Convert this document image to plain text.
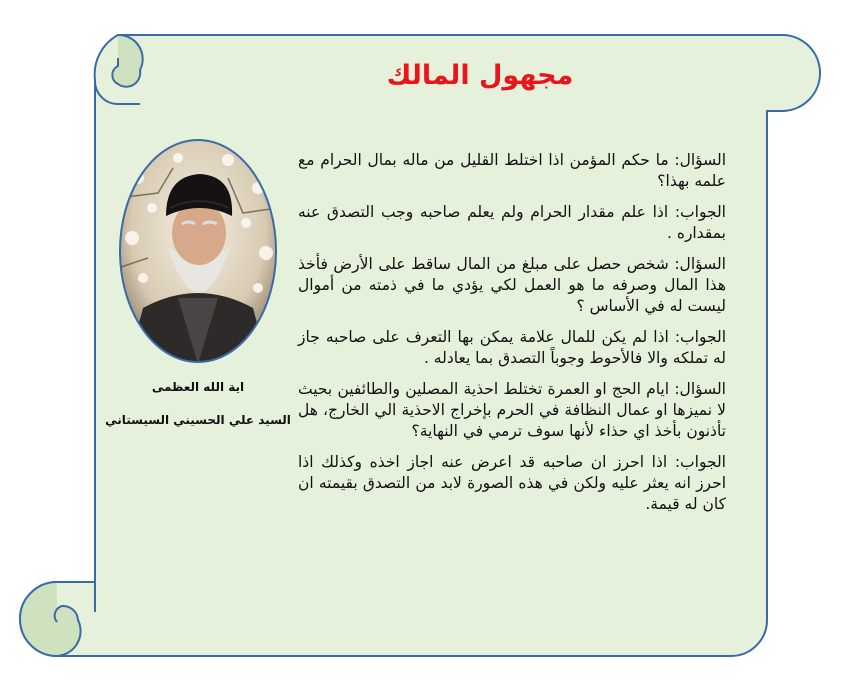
مجهول المالك
اية الله العظمى
السيد علي الحسيني السيستاني

السؤال: ما حكم المؤمن اذا اختلط القليل من ماله بمال الحرام مع علمه بهذا؟

الجواب: اذا علم مقدار الحرام ولم يعلم صاحبه وجب التصدق عنه بمقداره .

السؤال: شخص حصل على مبلغ من المال ساقط على الأرض فأخذ هذا المال وصرفه ما هو العمل لكي يؤدي ما في ذمته من أموال ليست له في الأساس ؟

الجواب: اذا لم يكن للمال علامة يمكن بها التعرف على صاحبه جاز له تملكه والا فالأحوط وجوباً التصدق بما يعادله .

السؤال: ايام الحج او العمرة تختلط احذية المصلين والطائفين بحيث لا نميزها او عمال النظافة في الحرم بإخراج الاحذية الي الخارج، هل تأذنون بأخذ اي حذاء لأنها سوف ترمي في النهاية؟

الجواب: اذا احرز ان صاحبه قد اعرض عنه اجاز اخذه وكذلك اذا احرز انه يعثر عليه ولكن في هذه الصورة لابد من التصدق بقيمته ان كان له قيمة.
